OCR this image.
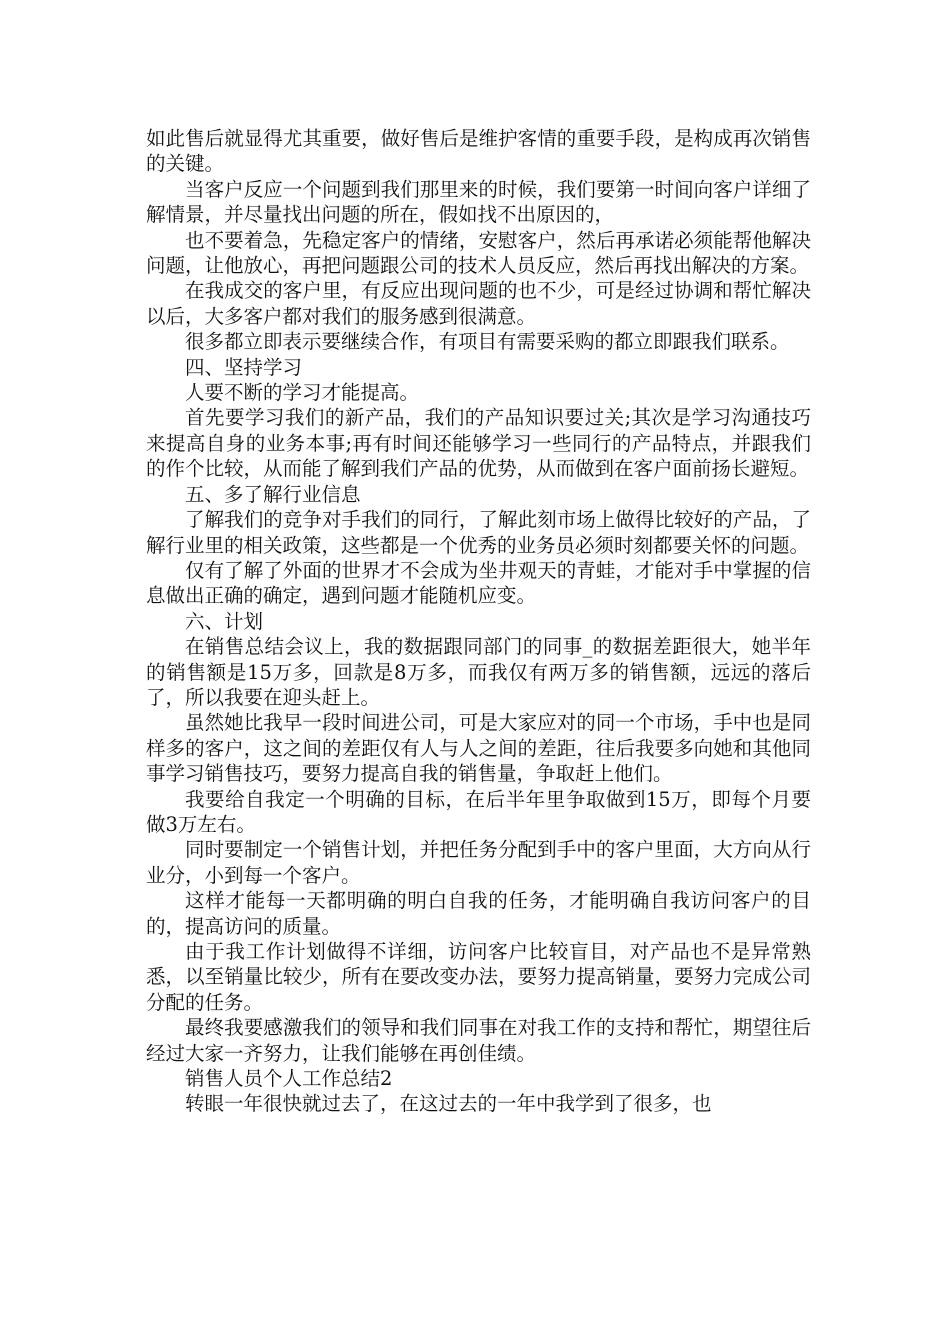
如此售后就显得尤其重要，做好售后是维护客情的重要手段，是构成再次销售的关键。

当客户反应一个问题到我们那里来的时候，我们要第一时间向客户详细了解情景，并尽量找出问题的所在，假如找不出原因的，

也不要着急，先稳定客户的情绪，安慰客户，然后再承诺必须能帮他解决问题，让他放心，再把问题跟公司的技术人员反应，然后再找出解决的方案。

在我成交的客户里，有反应出现问题的也不少，可是经过协调和帮忙解决以后，大多客户都对我们的服务感到很满意。

很多都立即表示要继续合作，有项目有需要采购的都立即跟我们联系。

四、坚持学习

人要不断的学习才能提高。

首先要学习我们的新产品，我们的产品知识要过关;其次是学习沟通技巧来提高自身的业务本事;再有时间还能够学习一些同行的产品特点，并跟我们的作个比较，从而能了解到我们产品的优势，从而做到在客户面前扬长避短。

五、多了解行业信息

了解我们的竞争对手我们的同行，了解此刻市场上做得比较好的产品，了解行业里的相关政策，这些都是一个优秀的业务员必须时刻都要关怀的问题。

仅有了解了外面的世界才不会成为坐井观天的青蛙，才能对手中掌握的信息做出正确的确定，遇到问题才能随机应变。

六、计划

在销售总结会议上，我的数据跟同部门的同事_的数据差距很大，她半年的销售额是15万多，回款是8万多，而我仅有两万多的销售额，远远的落后了，所以我要在迎头赶上。

虽然她比我早一段时间进公司，可是大家应对的同一个市场，手中也是同样多的客户，这之间的差距仅有人与人之间的差距，往后我要多向她和其他同事学习销售技巧，要努力提高自我的销售量，争取赶上他们。

我要给自我定一个明确的目标，在后半年里争取做到15万，即每个月要做3万左右。

同时要制定一个销售计划，并把任务分配到手中的客户里面，大方向从行业分，小到每一个客户。

这样才能每一天都明确的明白自我的任务，才能明确自我访问客户的目的，提高访问的质量。

由于我工作计划做得不详细，访问客户比较盲目，对产品也不是异常熟悉，以至销量比较少，所有在要改变办法，要努力提高销量，要努力完成公司分配的任务。

最终我要感激我们的领导和我们同事在对我工作的支持和帮忙，期望往后经过大家一齐努力，让我们能够在再创佳绩。

销售人员个人工作总结2

转眼一年很快就过去了，在这过去的一年中我学到了很多，也
